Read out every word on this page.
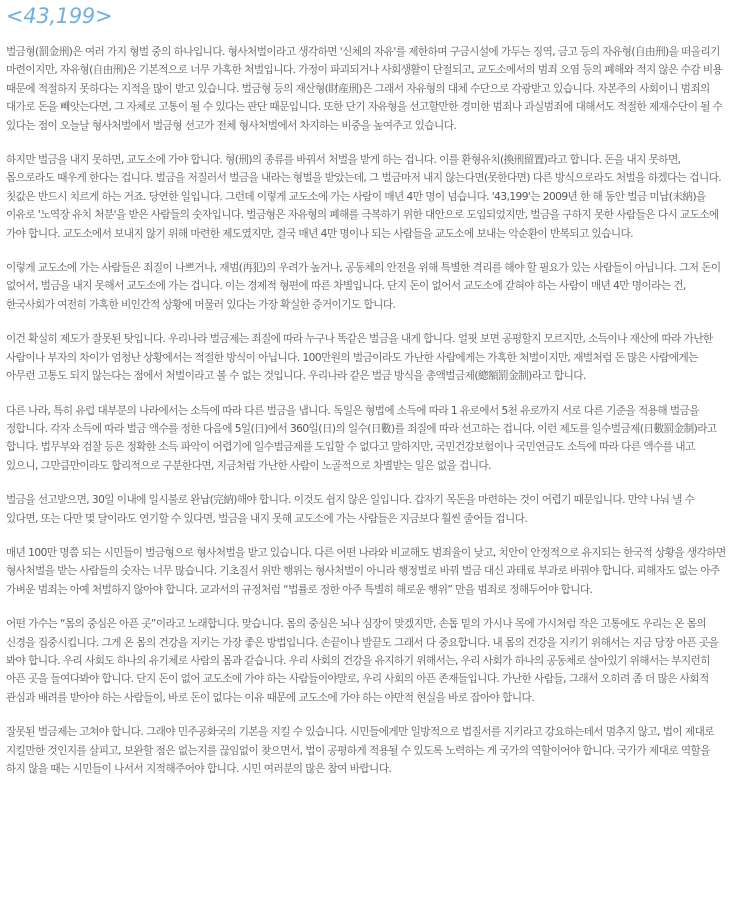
<43,199>

벌금형(罰金刑)은 여러 가지 형벌 중의 하나입니다. 형사처벌이라고 생각하면 '신체의 자유'를 제한하며 구금시설에 가두는 징역, 금고 등의 자유형(自由刑)을 떠올리기 마련이지만, 자유형(自由刑)은 기본적으로 너무 가혹한 처벌입니다. 가정이 파괴되거나 사회생활이 단절되고, 교도소에서의 범죄 오염 등의 폐해와 적지 않은 수감 비용 때문에 적절하지 못하다는 지적을 많이 받고 있습니다. 벌금형 등의 재산형(財産刑)은 그래서 자유형의 대체 수단으로 각광받고 있습니다. 자본주의 사회이니 범죄의 대가로 돈을 빼앗는다면, 그 자체로 고통이 될 수 있다는 판단 때문입니다. 또한 단기 자유형을 선고할만한 경미한 범죄나 과실범죄에 대해서도 적절한 제재수단이 될 수 있다는 점이 오늘날 형사처벌에서 벌금형 선고가 전체 형사처벌에서 차지하는 비중을 높여주고 있습니다.

하지만 벌금을 내지 못하면, 교도소에 가야 합니다. 형(刑)의 종류를 바꿔서 처벌을 받게 하는 겁니다. 이를 환형유치(換刑留置)라고 합니다. 돈을 내지 못하면, 몸으로라도 때우게 한다는 겁니다. 벌금을 저질러서 벌금을 내라는 형벌을 받았는데, 그 벌금마저 내지 않는다면(못한다면) 다른 방식으로라도 처벌을 하겠다는 겁니다. 칫값은 반드시 치르게 하는 거죠. 당연한 일입니다. 그런데 이렇게 교도소에 가는 사람이 매년 4만 명이 넘습니다. '43,199'는 2009년 한 해 동안 벌금 미납(未納)을 이유로 '노역장 유치 처분'을 받은 사람들의 숫자입니다. 벌금형은 자유형의 폐해를 극복하기 위한 대안으로 도입되었지만, 벌금을 구하지 못한 사람들은 다시 교도소에 가야 합니다. 교도소에서 보내지 않기 위해 마련한 제도였지만, 결국 매년 4만 명이나 되는 사람들을 교도소에 보내는 악순환이 반복되고 있습니다.

이렇게 교도소에 가는 사람들은 죄질이 나쁘거나, 재범(再犯)의 우려가 높거나, 공동체의 안전을 위해 특별한 격리를 해야 할 필요가 있는 사람들이 아닙니다. 그저 돈이 없어서, 벌금을 내지 못해서 교도소에 가는 겁니다. 이는 경제적 형편에 따른 차별입니다. 단지 돈이 없어서 교도소에 갇혀야 하는 사람이 매년 4만 명이라는 건, 한국사회가 여전히 가혹한 비인간적 상황에 머물러 있다는 가장 확실한 증거이기도 합니다.

이건 확실히 제도가 잘못된 탓입니다. 우리나라 벌금제는 죄질에 따라 누구나 똑같은 벌금을 내게 합니다. 얼핏 보면 공평할지 모르지만, 소득이나 재산에 따라 가난한 사람이나 부자의 차이가 엄청난 상황에서는 적절한 방식이 아닙니다. 100만원의 벌금이라도 가난한 사람에게는 가혹한 처벌이지만, 재벌처럼 돈 많은 사람에게는 아무런 고통도 되지 않는다는 점에서 처벌이라고 볼 수 없는 것입니다. 우리나라 같은 벌금 방식을 총액벌금제(總額罰金制)라고 합니다.

다른 나라, 특히 유럽 대부분의 나라에서는 소득에 따라 다른 벌금을 냅니다. 독일은 형법에 소득에 따라 1 유로에서 5천 유로까지 서로 다른 기준을 적용해 벌금을 정합니다. 각자 소득에 따라 벌금 액수를 정한 다음에 5일(日)에서 360일(日)의 일수(日數)를 죄질에 따라 선고하는 겁니다. 이런 제도를 일수벌금제(日數罰金制)라고 합니다. 법무부와 검찰 등은 정확한 소득 파악이 어렵기에 일수벌금제를 도입할 수 없다고 말하지만, 국민건강보험이나 국민연금도 소득에 따라 다른 액수를 내고 있으니, 그만큼만이라도 합리적으로 구분한다면, 지금처럼 가난한 사람이 노골적으로 차별받는 일은 없을 겁니다.

벌금을 선고받으면, 30일 이내에 일시불로 완납(完納)해야 합니다. 이것도 쉽지 않은 일입니다. 갑자기 목돈을 마련하는 것이 어렵기 때문입니다. 만약 나눠 낼 수 있다면, 또는 다만 몇 달이라도 연기할 수 있다면, 벌금을 내지 못해 교도소에 가는 사람들은 지금보다 훨씬 줄어들 겁니다.

매년 100만 명쯤 되는 시민들이 벌금형으로 형사처벌을 받고 있습니다. 다른 어떤 나라와 비교해도 범죄율이 낮고, 치안이 안정적으로 유지되는 한국적 상황을 생각하면 형사처벌을 받는 사람들의 숫자는 너무 많습니다. 기초질서 위반 행위는 형사처벌이 아니라 행정벌로 바꿔 벌금 대신 과태료 부과로 바꿔야 합니다. 피해자도 없는 아주 가벼운 범죄는 아예 처벌하지 않아야 합니다. 교과서의 규정처럼 “법률로 정한 아주 특별히 해로운 행위” 만을 범죄로 정해두어야 합니다.

어떤 가수는 “몸의 중심은 아픈 곳”이라고 노래합니다. 맞습니다. 몸의 중심은 뇌나 심장이 맞겠지만, 손톱 밑의 가시나 목에 가시처럼 작은 고통에도 우리는 온 몸의 신경을 집중시킵니다. 그게 온 몸의 건강을 지키는 가장 좋은 방법입니다. 손끝이나 발끝도 그래서 다 중요합니다. 내 몸의 건강을 지키기 위해서는 지금 당장 아픈 곳을 봐야 합니다. 우리 사회도 하나의 유기체로 사람의 몸과 같습니다. 우리 사회의 건강을 유지하기 위해서는, 우리 사회가 하나의 공동체로 살아있기 위해서는 부지런히 아픈 곳을 들여다봐야 합니다. 단지 돈이 없어 교도소에 가야 하는 사람들이야말로, 우리 사회의 아픈 존재들입니다. 가난한 사람들, 그래서 오히려 좀 더 많은 사회적 관심과 배려를 받아야 하는 사람들이, 바로 돈이 없다는 이유 때문에 교도소에 가야 하는 야만적 현실을 바로 잡아야 합니다.

잘못된 벌금제는 고쳐야 합니다. 그래야 민주공화국의 기본을 지킬 수 있습니다. 시민들에게만 일방적으로 법질서를 지키라고 강요하는데서 멈추지 않고, 법이 제대로 지킬만한 것인지를 살피고, 보완할 점은 없는지를 끊임없이 찾으면서, 법이 공평하게 적용될 수 있도록 노력하는 게 국가의 역할이어야 합니다. 국가가 제대로 역할을 하지 않을 때는 시민들이 나서서 지적해주어야 합니다. 시민 여러분의 많은 참여 바랍니다.
